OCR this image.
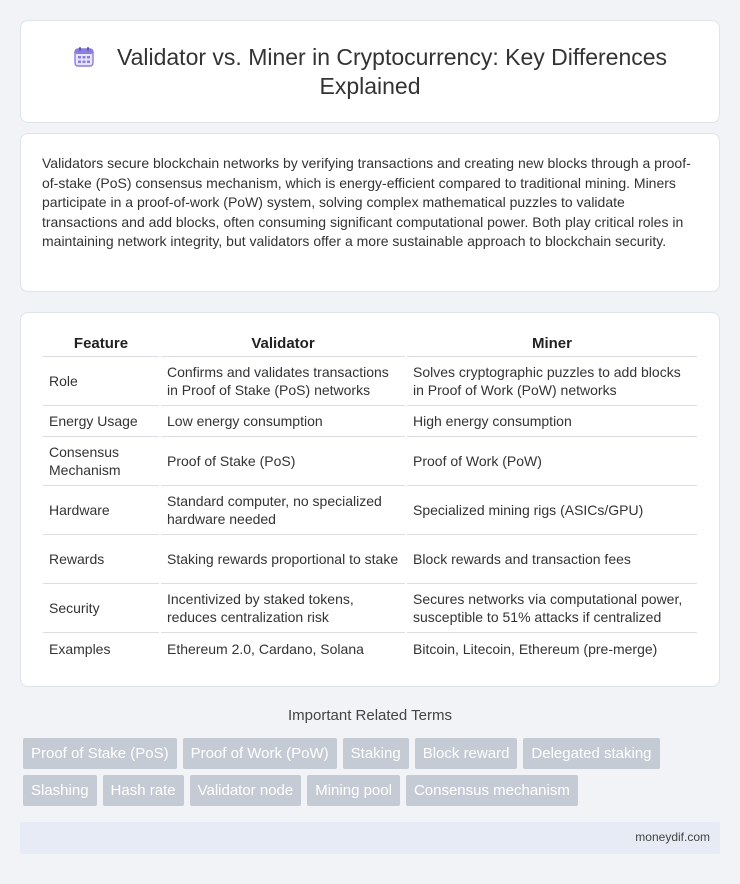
Validator vs. Miner in Cryptocurrency: Key Differences Explained

Validators secure blockchain networks by verifying transactions and creating new blocks through a proof-of-stake (PoS) consensus mechanism, which is energy-efficient compared to traditional mining. Miners participate in a proof-of-work (PoW) system, solving complex mathematical puzzles to validate transactions and add blocks, often consuming significant computational power. Both play critical roles in maintaining network integrity, but validators offer a more sustainable approach to blockchain security.

Feature	Validator	Miner
Role	Confirms and validates transactions in Proof of Stake (PoS) networks	Solves cryptographic puzzles to add blocks in Proof of Work (PoW) networks
Energy Usage	Low energy consumption	High energy consumption
Consensus Mechanism	Proof of Stake (PoS)	Proof of Work (PoW)
Hardware	Standard computer, no specialized hardware needed	Specialized mining rigs (ASICs/GPU)
Rewards	Staking rewards proportional to stake	Block rewards and transaction fees
Security	Incentivized by staked tokens, reduces centralization risk	Secures networks via computational power, susceptible to 51% attacks if centralized
Examples	Ethereum 2.0, Cardano, Solana	Bitcoin, Litecoin, Ethereum (pre-merge)
Important Related Terms
Proof of Stake (PoS)	Proof of Work (PoW)	Staking	Block reward	Delegated staking
Slashing	Hash rate	Validator node	Mining pool	Consensus mechanism
moneydif.com
